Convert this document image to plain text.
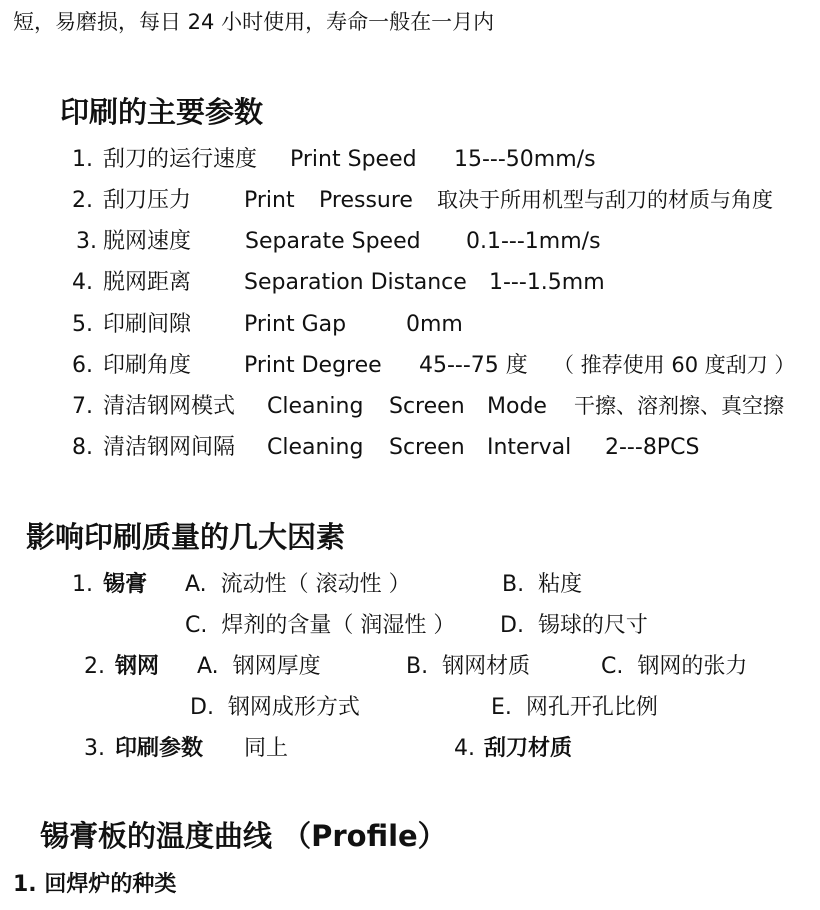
短，易磨损，每日 24 小时使用，寿命一般在一月内
印刷的主要参数
1. 刮刀的运行速度 Print Speed 15---50mm/s
2. 刮刀压力 Print Pressure 取决于所用机型与刮刀的材质与角度
3. 脱网速度 Separate Speed 0.1---1mm/s
4. 脱网距离 Separation Distance 1---1.5mm
5. 印刷间隙 Print Gap	0mm
6. 印刷角度 Print Degree 45---75 度 （ 推荐使用 60 度刮刀 ）
7. 清洁钢网模式 Cleaning Screen Mode 干擦、溶剂擦、真空擦
8. 清洁钢网间隔 Cleaning Screen Interval 2---8PCS
影响印刷质量的几大因素
1. 锡膏 A.  流动性（ 滚动性 ）	B.  粘度
C.  焊剂的含量（ 润湿性 ） D.  锡球的尺寸
2. 钢网 A.  钢网厚度	B.  钢网材质	C.  钢网的张力
D.  钢网成形方式	E.  网孔开孔比例
3. 印刷参数 同上	4. 刮刀材质
锡膏板的温度曲线 （Profile）
1. 回焊炉的种类
